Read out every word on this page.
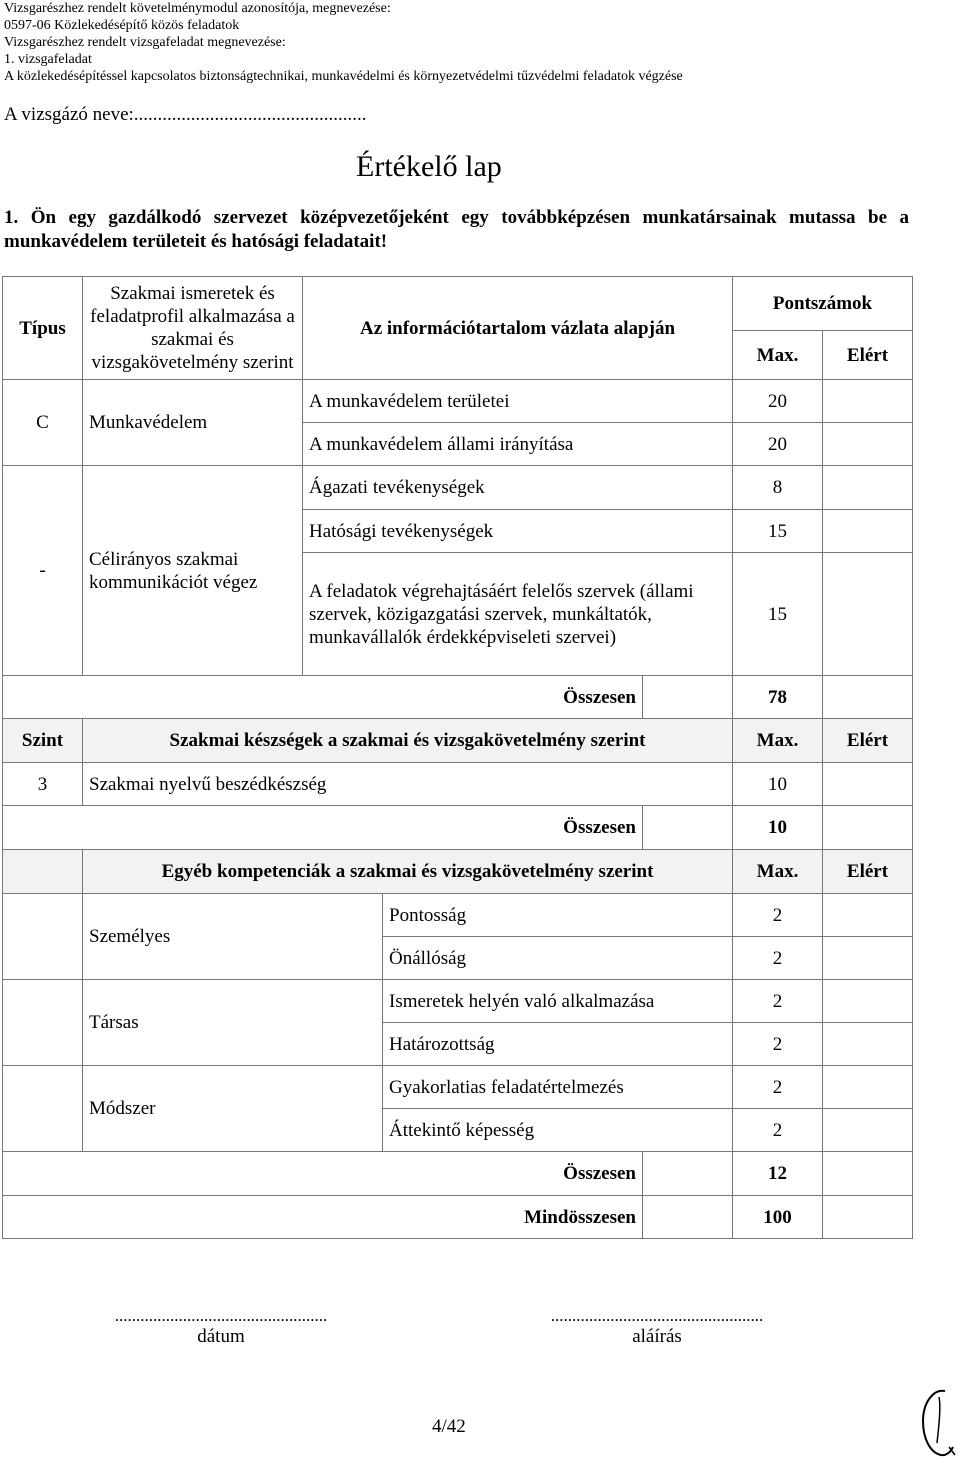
Vizsgarészhez rendelt követelménymodul azonosítója, megnevezése:
0597-06 Közlekedésépítő közös feladatok
Vizsgarészhez rendelt vizsgafeladat megnevezése:
1. vizsgafeladat
A közlekedésépítéssel kapcsolatos biztonságtechnikai, munkavédelmi és környezetvédelmi tűzvédelmi feladatok végzése
A vizsgázó neve:.................................................
Értékelő lap
1. Ön egy gazdálkodó szervezet középvezetőjeként egy továbbképzésen munkatársainak mutassa be a munkavédelem területeit és hatósági feladatait!
Típus	Szakmai ismeretek és feladatprofil alkalmazása a szakmai és vizsgakövetelmény szerint	Az információtartalom vázlata alapján			Pontszámok	
					Max.	Elért
C	Munkavédelem	A munkavédelem területei			20	
		A munkavédelem állami irányítása			20	
-	Célirányos szakmai kommunikációt végez	Ágazati tevékenységek			8	
		Hatósági tevékenységek			15	
		A feladatok végrehajtásáért felelős szervek (állami szervek, közigazgatási szervek, munkáltatók, munkavállalók érdekképviseleti szervei)			15	
Összesen					78	
Szint	Szakmai készségek a szakmai és vizsgakövetelmény szerint				Max.	Elért
3	Szakmai nyelvű beszédkészség				10	
Összesen					10	
	Egyéb kompetenciák a szakmai és vizsgakövetelmény szerint				Max.	Elért
	Személyes		Pontosság		2	
			Önállóság		2	
	Társas		Ismeretek helyén való alkalmazása		2	
			Határozottság		2	
	Módszer		Gyakorlatias feladatértelmezés		2	
			Áttekintő képesség		2	
Összesen					12	
Mindösszesen					100	
..................................................
dátum
..................................................
aláírás
4/42
